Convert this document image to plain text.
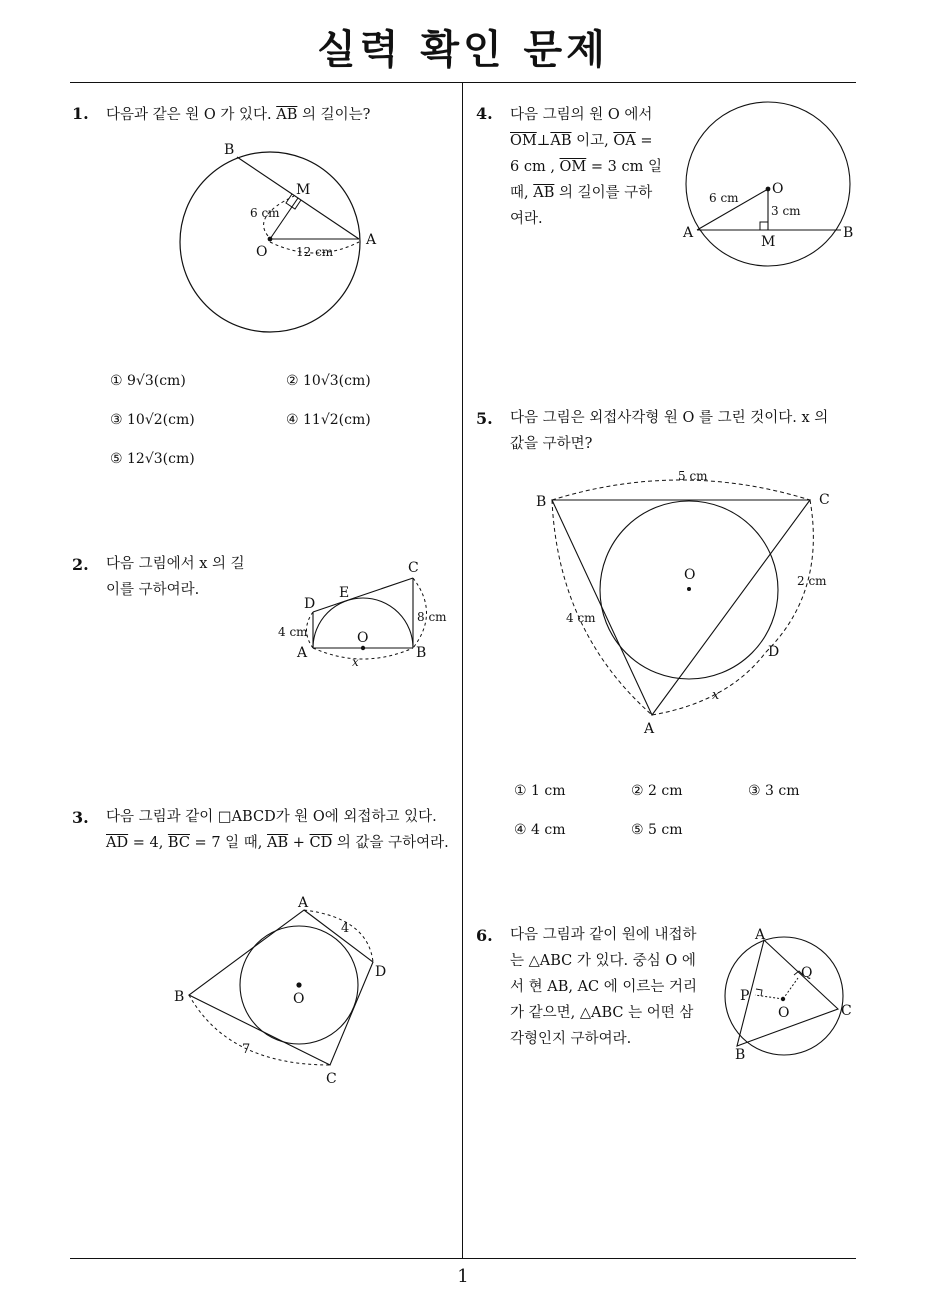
실력 확인 문제
1
1. 다음과 같은 원 O 가 있다. $\overline{AB}$ 의 길이는?
B
M
A
O
6 cm
12 cm
① 9√3(cm)	② 10√3(cm)
③ 10√2(cm)	④ 11√2(cm)
⑤ 12√3(cm)
2. 다음 그림에서 x 의 길
이를 구하여라.
C
D
E
O
A	B
4 cm
8 cm
x
3. 다음 그림과 같이 □ABCD가 원 O에 외접하고 있다.
$\overline{AD} = 4$, $\overline{BC} = 7$ 일 때, $\overline{AB} + \overline{CD}$ 의 값을 구하여라.
A
B
C
D
O
4
7
4. 다음 그림의 원 O 에서
$\overline{OM}\perp\overline{AB}$ 이고, $\overline{OA}$ =
6 cm , $\overline{OM} = 3$ cm 일
때, $\overline{AB}$ 의 길이를 구하
여라.
O
A	B
M
6 cm
3 cm
5. 다음 그림은 외접사각형 원 O 를 그린 것이다. x 의
값을 구하면?
B	C
A
D
O
5 cm
2 cm
4 cm
x
① 1 cm	② 2 cm	③ 3 cm
④ 4 cm	⑤ 5 cm
6. 다음 그림과 같이 원에 내접하
는 △ABC 가 있다. 중심 O 에
서 현 AB, AC 에 이르는 거리
가 같으면, △ABC 는 어떤 삼
각형인지 구하여라.
A
B
C
P
Q
O
